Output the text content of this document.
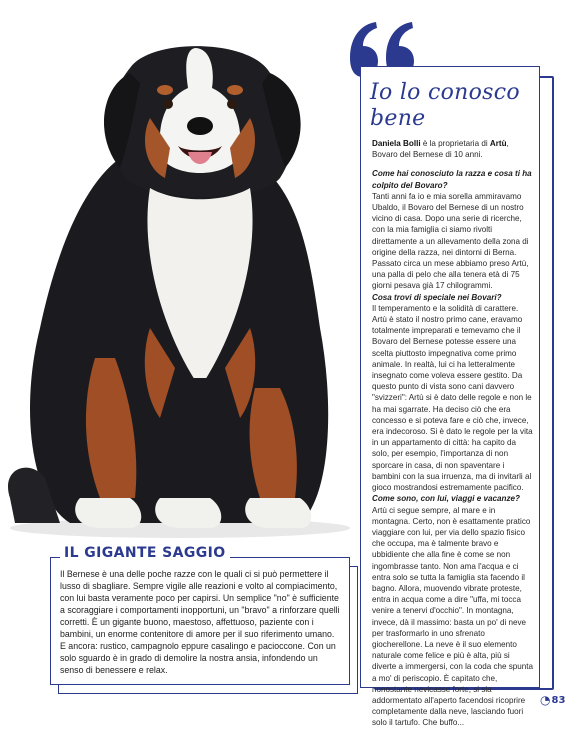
Io lo conosco bene

Daniela Bolli è la proprietaria di Artù, Bovaro del Bernese di 10 anni.

Come hai conosciuto la razza e cosa ti ha colpito del Bovaro?

Tanti anni fa io e mia sorella ammiravamo Ubaldo, il Bovaro del Bernese di un nostro vicino di casa. Dopo una serie di ricerche, con la mia famiglia ci siamo rivolti direttamente a un allevamento della zona di origine della razza, nei dintorni di Berna. Passato circa un mese abbiamo preso Artù, una palla di pelo che alla tenera età di 75 giorni pesava già 17 chilogrammi.

Cosa trovi di speciale nei Bovari?

Il temperamento e la solidità di carattere. Artù è stato il nostro primo cane, eravamo totalmente impreparati e temevamo che il Bovaro del Bernese potesse essere una scelta piuttosto impegnativa come primo animale. In realtà, lui ci ha letteralmente insegnato come voleva essere gestito. Da questo punto di vista sono cani davvero "svizzeri": Artù si è dato delle regole e non le ha mai sgarrate. Ha deciso ciò che era concesso e si poteva fare e ciò che, invece, era indecoroso. Si è dato le regole per la vita in un appartamento di città: ha capito da solo, per esempio, l'importanza di non sporcare in casa, di non spaventare i bambini con la sua irruenza, ma di invitarli al gioco mostrandosi estremamente pacifico.

Come sono, con lui, viaggi e vacanze?

Artù ci segue sempre, al mare e in montagna. Certo, non è esattamente pratico viaggiare con lui, per via dello spazio fisico che occupa, ma è talmente bravo e ubbidiente che alla fine è come se non ingombrasse tanto. Non ama l'acqua e ci entra solo se tutta la famiglia sta facendo il bagno. Allora, muovendo vibrate proteste, entra in acqua come a dire "uffa, mi tocca venire a tenervi d'occhio". In montagna, invece, dà il massimo: basta un po' di neve per trasformarlo in uno sfrenato giocherellone. La neve è il suo elemento naturale come felice e più è alta, più si diverte a immergersi, con la coda che spunta a mo' di periscopio. È capitato che, nonostante nevicasse forte, si sia addormentato all'aperto facendosi ricoprire completamente dalla neve, lasciando fuori solo il tartufo. Che buffo...

IL GIGANTE SAGGIO
Il Bernese è una delle poche razze con le quali ci si può permettere il lusso di sbagliare. Sempre vigile alle reazioni e volto al compiacimento, con lui basta veramente poco per capirsi. Un semplice "no" è sufficiente a scoraggiare i comportamenti inopportuni, un "bravo" a rinforzare quelli corretti. È un gigante buono, maestoso, affettuoso, paziente con i bambini, un enorme contenitore di amore per il suo riferimento umano. E ancora: rustico, campagnolo eppure casalingo e pacioccone. Con un solo sguardo è in grado di demolire la nostra ansia, infondendo un senso di benessere e relax.
◔ 83
